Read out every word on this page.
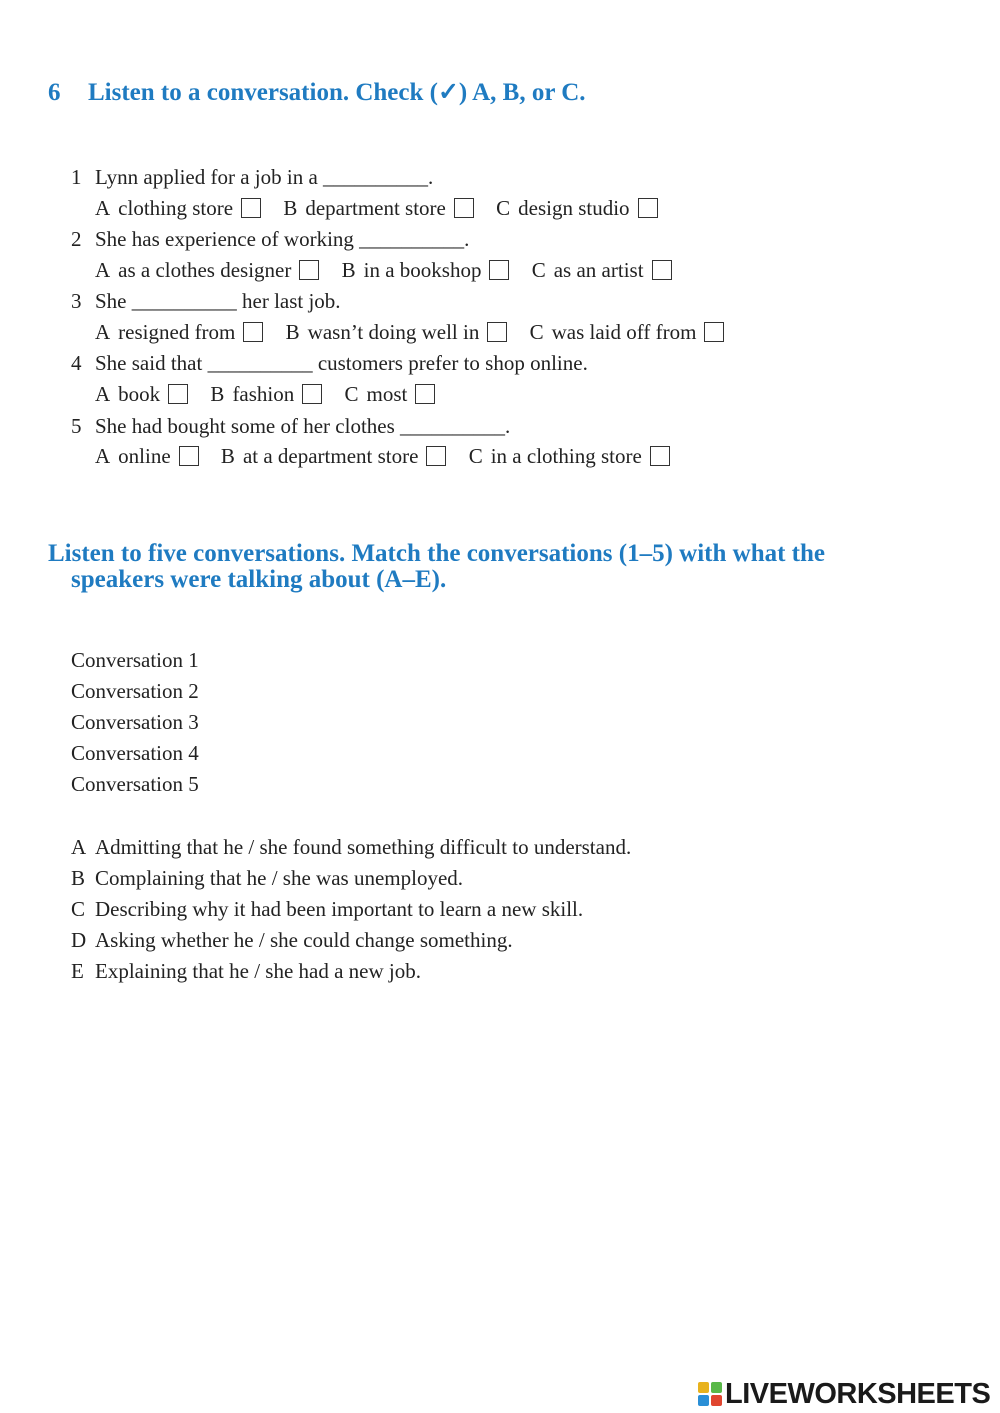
6 Listen to a conversation. Check (✓) A, B, or C.
1 Lynn applied for a job in a __________.
A clothing store B department store C design studio
2 She has experience of working __________.
A as a clothes designer B in a bookshop C as an artist
3 She __________ her last job.
A resigned from B wasn’t doing well in C was laid off from
4 She said that __________ customers prefer to shop online.
A book B fashion C most
5 She had bought some of her clothes __________.
A online B at a department store C in a clothing store
Listen to five conversations. Match the conversations (1–5) with what the
speakers were talking about (A–E).
Conversation 1
Conversation 2
Conversation 3
Conversation 4
Conversation 5
A Admitting that he / she found something difficult to understand.
B Complaining that he / she was unemployed.
C Describing why it had been important to learn a new skill.
D Asking whether he / she could change something.
E Explaining that he / she had a new job.
LIVEWORKSHEETS
